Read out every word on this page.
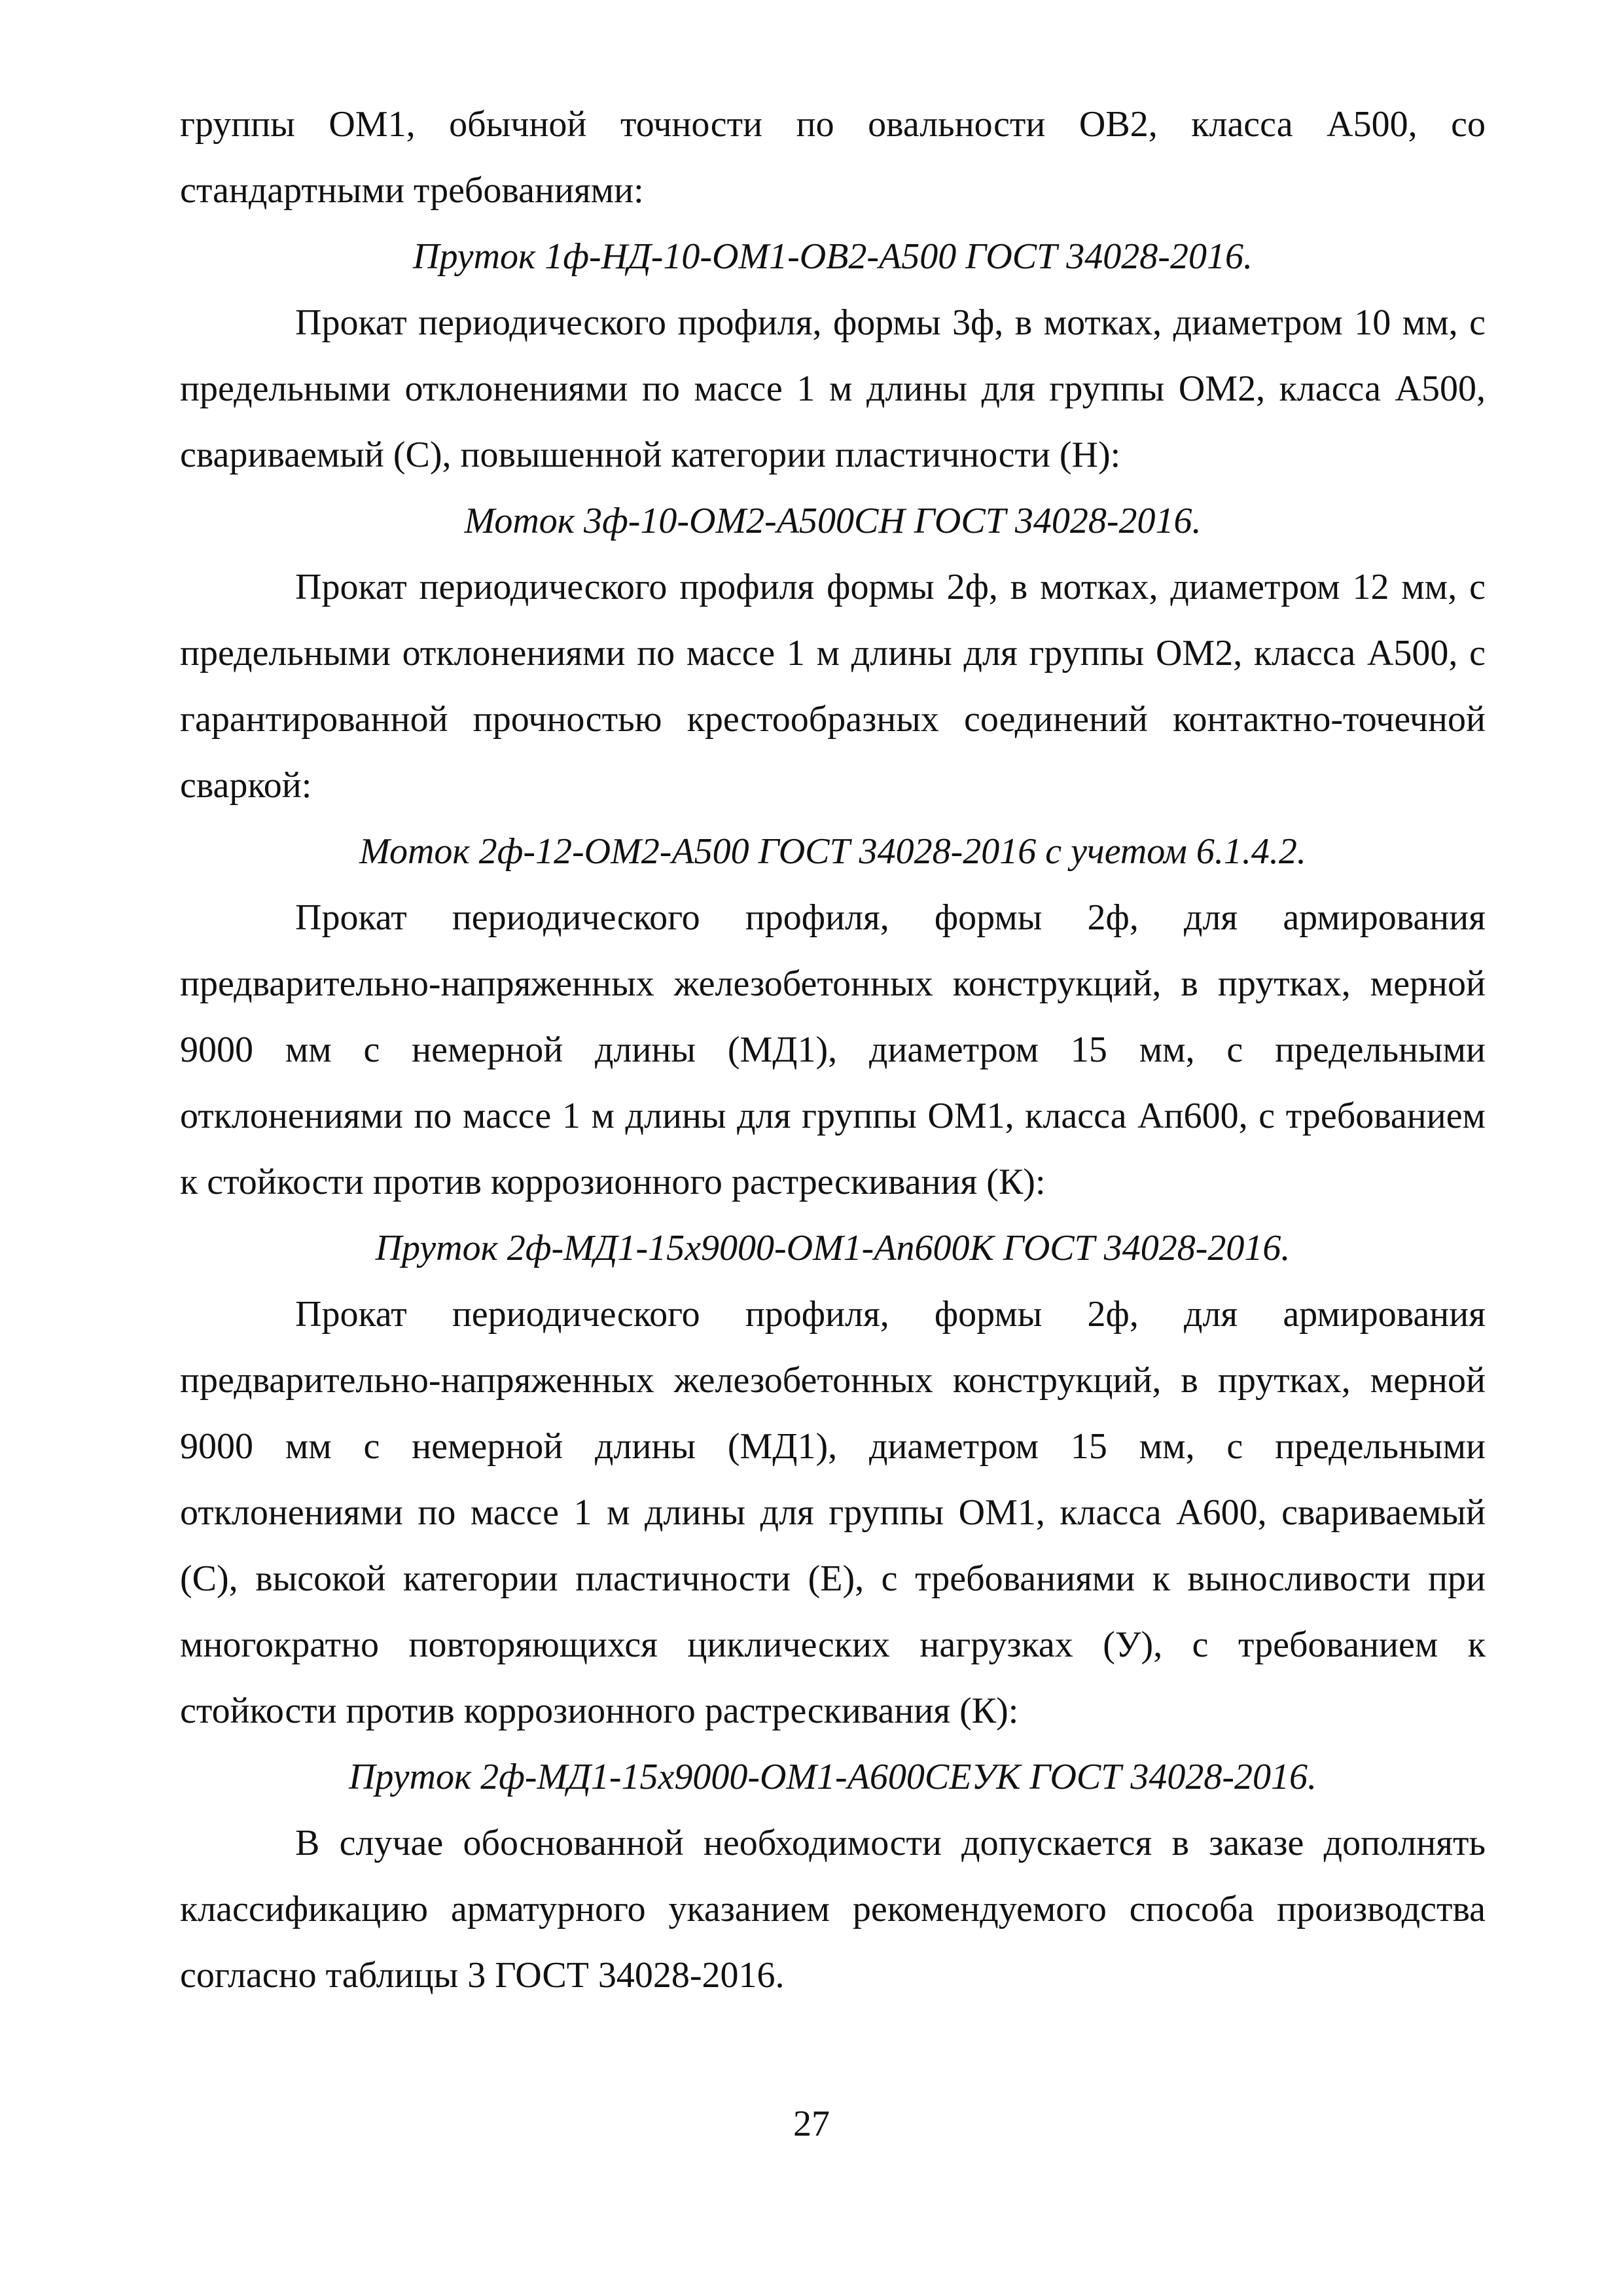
группы ОМ1, обычной точности по овальности ОВ2, класса А500, со стандартными требованиями:

Пруток 1ф-НД-10-ОМ1-ОВ2-А500 ГОСТ 34028-2016.

Прокат периодического профиля, формы 3ф, в мотках, диаметром 10 мм, с предельными отклонениями по массе 1 м длины для группы ОМ2, класса А500, свариваемый (С), повышенной категории пластичности (Н):

Моток 3ф-10-ОМ2-А500СН ГОСТ 34028-2016.

Прокат периодического профиля формы 2ф, в мотках, диаметром 12 мм, с предельными отклонениями по массе 1 м длины для группы ОМ2, класса А500, с гарантированной прочностью крестообразных соединений контактно-точечной сваркой:

Моток 2ф-12-ОМ2-А500 ГОСТ 34028-2016 с учетом 6.1.4.2.

Прокат периодического профиля, формы 2ф, для армирования предварительно-напряженных железобетонных конструкций, в прутках, мерной 9000 мм с немерной длины (МД1), диаметром 15 мм, с предельными отклонениями по массе 1 м длины для группы ОМ1, класса Ап600, с требованием к стойкости против коррозионного растрескивания (К):

Пруток 2ф-МД1-15х9000-ОМ1-Ап600К ГОСТ 34028-2016.

Прокат периодического профиля, формы 2ф, для армирования предварительно-напряженных железобетонных конструкций, в прутках, мерной 9000 мм с немерной длины (МД1), диаметром 15 мм, с предельными отклонениями по массе 1 м длины для группы ОМ1, класса А600, свариваемый (С), высокой категории пластичности (Е), с требованиями к выносливости при многократно повторяющихся циклических нагрузках (У), с требованием к стойкости против коррозионного растрескивания (К):

Пруток 2ф-МД1-15х9000-ОМ1-А600СЕУК ГОСТ 34028-2016.

В случае обоснованной необходимости допускается в заказе дополнять классификацию арматурного указанием рекомендуемого способа производства согласно таблицы 3 ГОСТ 34028-2016.

27
